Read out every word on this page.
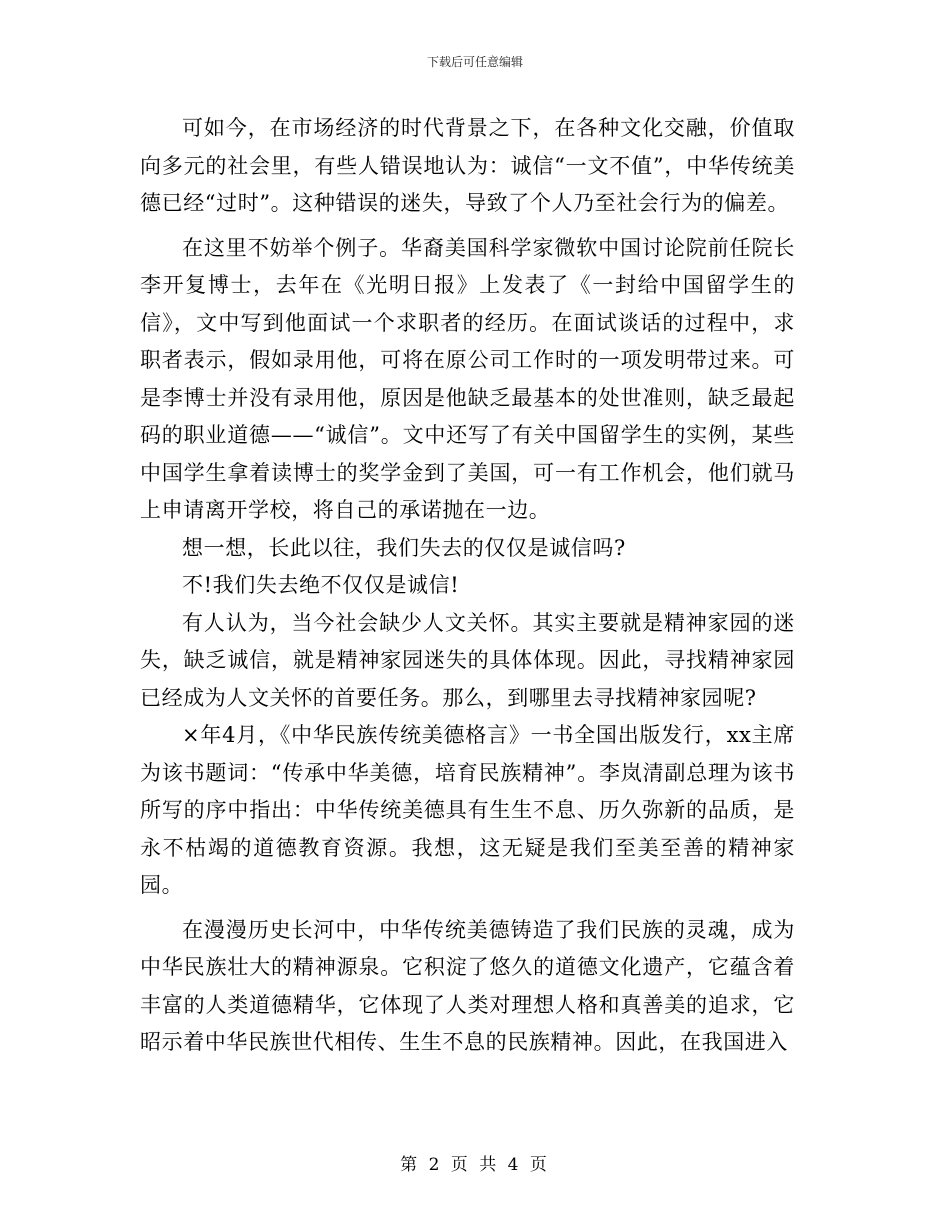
下载后可任意编辑

可如今，在市场经济的时代背景之下，在各种文化交融，价值取向多元的社会里，有些人错误地认为：诚信“一文不值”，中华传统美德已经“过时”。这种错误的迷失，导致了个人乃至社会行为的偏差。

在这里不妨举个例子。华裔美国科学家微软中国讨论院前任院长李开复博士，去年在《光明日报》上发表了《一封给中国留学生的信》，文中写到他面试一个求职者的经历。在面试谈话的过程中，求职者表示，假如录用他，可将在原公司工作时的一项发明带过来。可是李博士并没有录用他，原因是他缺乏最基本的处世准则，缺乏最起码的职业道德——“诚信”。文中还写了有关中国留学生的实例，某些中国学生拿着读博士的奖学金到了美国，可一有工作机会，他们就马上申请离开学校，将自己的承诺抛在一边。

想一想，长此以往，我们失去的仅仅是诚信吗?

不!我们失去绝不仅仅是诚信!

有人认为，当今社会缺少人文关怀。其实主要就是精神家园的迷失，缺乏诚信，就是精神家园迷失的具体体现。因此，寻找精神家园已经成为人文关怀的首要任务。那么，到哪里去寻找精神家园呢?

×年4月，《中华民族传统美德格言》一书全国出版发行，xx主席为该书题词：“传承中华美德，培育民族精神”。李岚清副总理为该书所写的序中指出：中华传统美德具有生生不息、历久弥新的品质，是永不枯竭的道德教育资源。我想，这无疑是我们至美至善的精神家园。

在漫漫历史长河中，中华传统美德铸造了我们民族的灵魂，成为中华民族壮大的精神源泉。它积淀了悠久的道德文化遗产，它蕴含着丰富的人类道德精华，它体现了人类对理想人格和真善美的追求，它昭示着中华民族世代相传、生生不息的民族精神。因此，在我国进入

第 2 页 共 4 页
